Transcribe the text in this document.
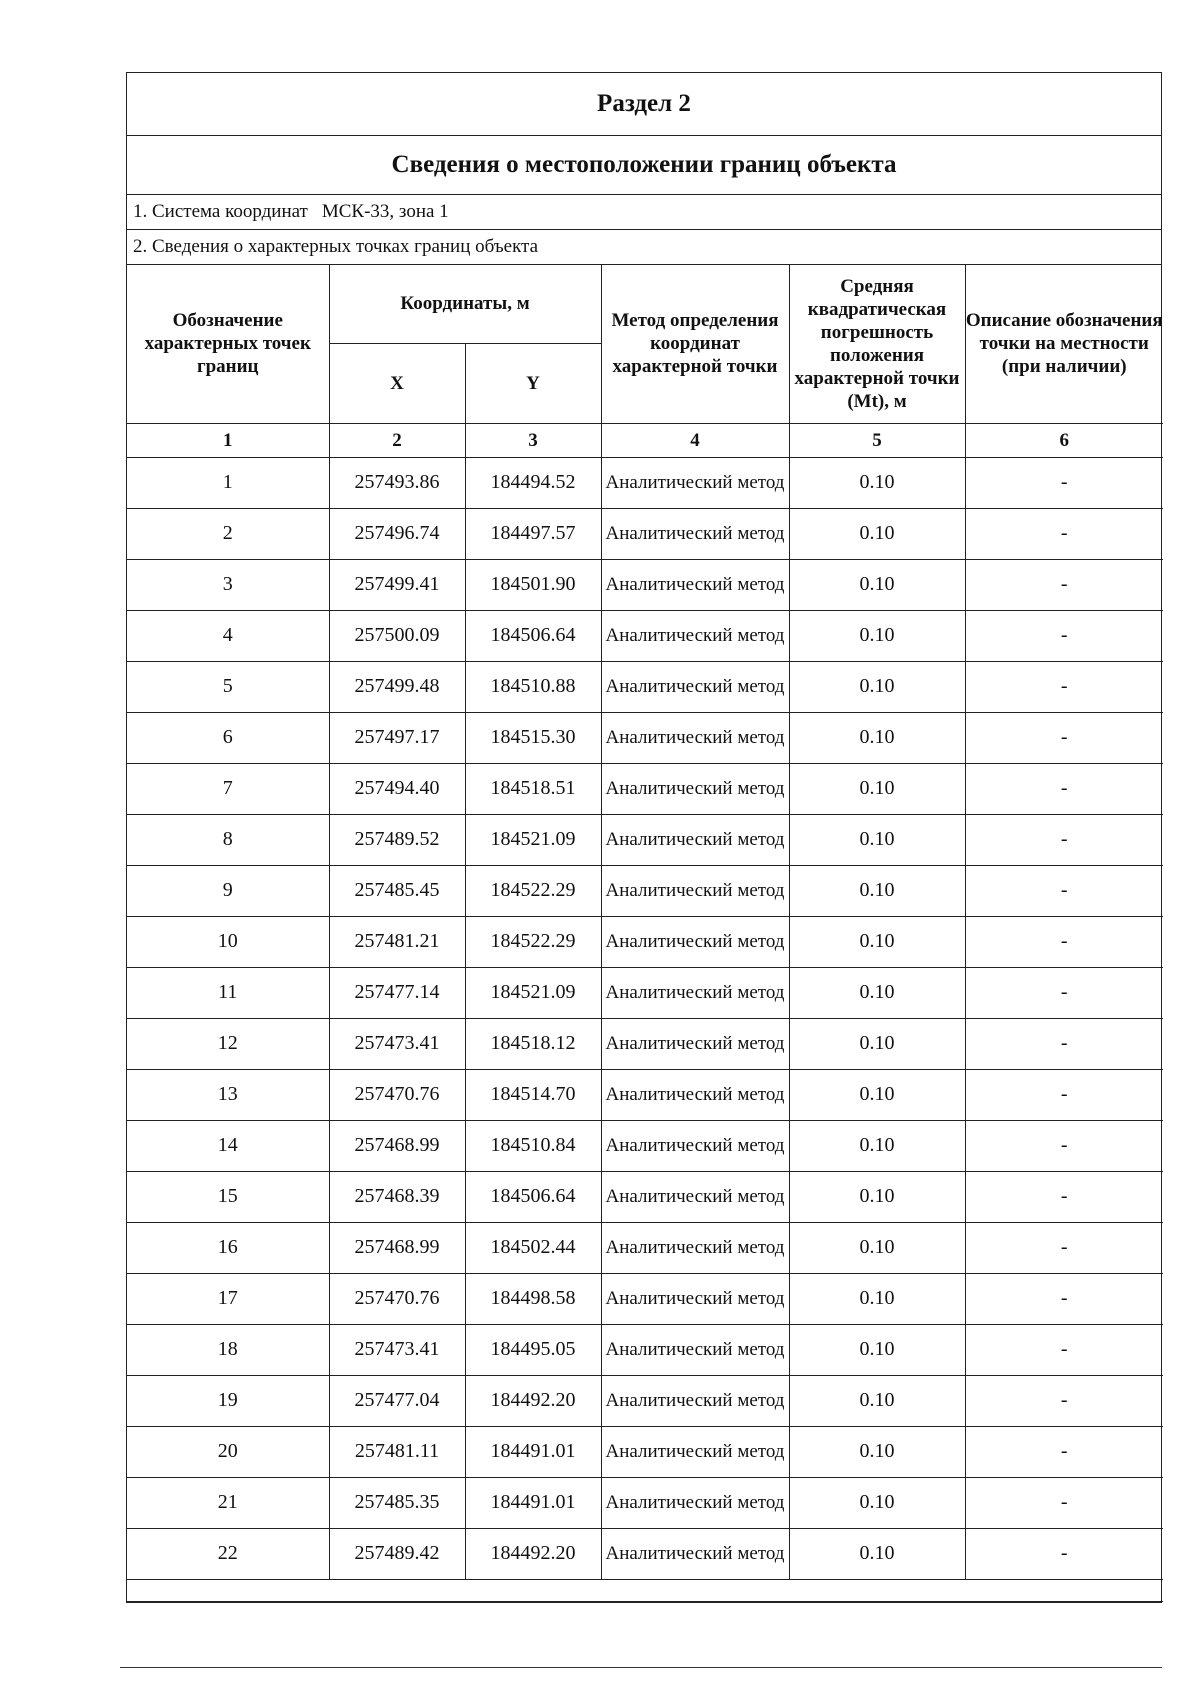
Раздел 2
Сведения о местоположении границ объекта
1. Система координат МСК-33, зона 1
2. Сведения о характерных точках границ объекта
Обозначение характерных точек границ	Координаты, м		Метод определения координат характерной точки	Средняя квадратическая погрешность положения характерной точки (Mt), м	Описание обозначения точки на местности (при наличии)
	X	Y			
1	2	3	4	5	6
1	257493.86	184494.52	Аналитический метод	0.10	-
2	257496.74	184497.57	Аналитический метод	0.10	-
3	257499.41	184501.90	Аналитический метод	0.10	-
4	257500.09	184506.64	Аналитический метод	0.10	-
5	257499.48	184510.88	Аналитический метод	0.10	-
6	257497.17	184515.30	Аналитический метод	0.10	-
7	257494.40	184518.51	Аналитический метод	0.10	-
8	257489.52	184521.09	Аналитический метод	0.10	-
9	257485.45	184522.29	Аналитический метод	0.10	-
10	257481.21	184522.29	Аналитический метод	0.10	-
11	257477.14	184521.09	Аналитический метод	0.10	-
12	257473.41	184518.12	Аналитический метод	0.10	-
13	257470.76	184514.70	Аналитический метод	0.10	-
14	257468.99	184510.84	Аналитический метод	0.10	-
15	257468.39	184506.64	Аналитический метод	0.10	-
16	257468.99	184502.44	Аналитический метод	0.10	-
17	257470.76	184498.58	Аналитический метод	0.10	-
18	257473.41	184495.05	Аналитический метод	0.10	-
19	257477.04	184492.20	Аналитический метод	0.10	-
20	257481.11	184491.01	Аналитический метод	0.10	-
21	257485.35	184491.01	Аналитический метод	0.10	-
22	257489.42	184492.20	Аналитический метод	0.10	-
